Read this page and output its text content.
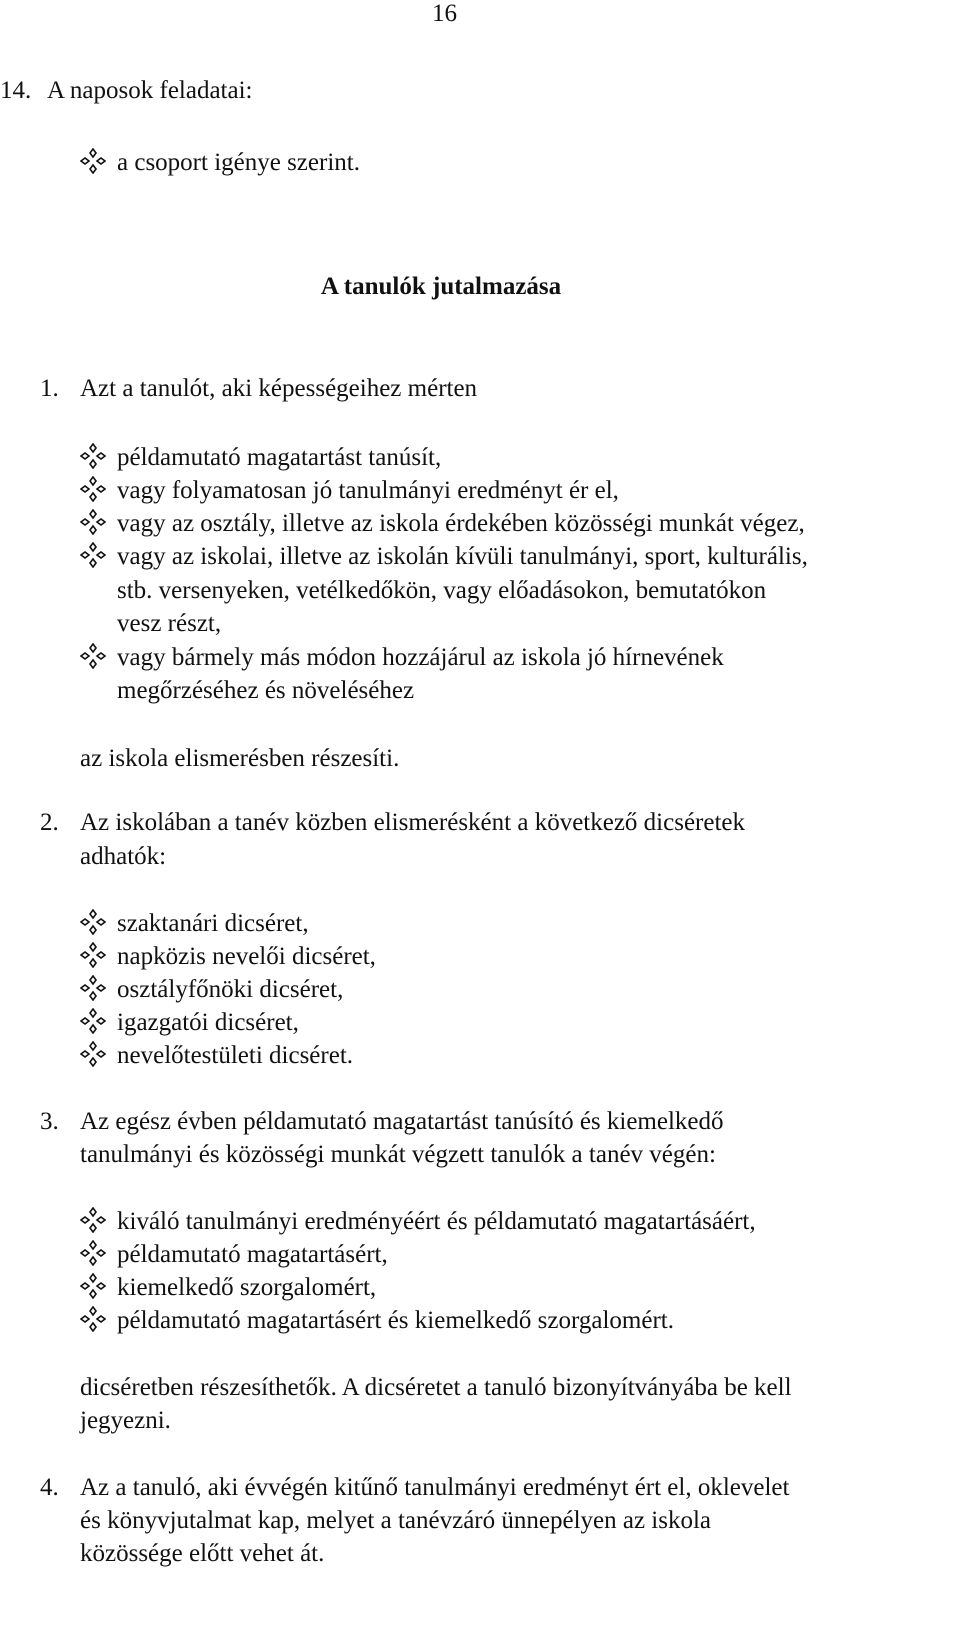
16
14. A naposok feladatai:
a csoport igénye szerint.
A tanulók jutalmazása
1. Azt a tanulót, aki képességeihez mérten
példamutató magatartást tanúsít,
vagy folyamatosan jó tanulmányi eredményt ér el,
vagy az osztály, illetve az iskola érdekében közösségi munkát végez,
vagy az iskolai, illetve az iskolán kívüli tanulmányi, sport, kulturális,
stb. versenyeken, vetélkedőkön, vagy előadásokon, bemutatókon
vesz részt,
vagy bármely más módon hozzájárul az iskola jó hírnevének
megőrzéséhez és növeléséhez
az iskola elismerésben részesíti.
2. Az iskolában a tanév közben elismerésként a következő dicséretek
adhatók:
szaktanári dicséret,
napközis nevelői dicséret,
osztályfőnöki dicséret,
igazgatói dicséret,
nevelőtestületi dicséret.
3. Az egész évben példamutató magatartást tanúsító és kiemelkedő
tanulmányi és közösségi munkát végzett tanulók a tanév végén:
kiváló tanulmányi eredményéért és példamutató magatartásáért,
példamutató magatartásért,
kiemelkedő szorgalomért,
példamutató magatartásért és kiemelkedő szorgalomért.
dicséretben részesíthetők. A dicséretet a tanuló bizonyítványába be kell
jegyezni.
4. Az a tanuló, aki évvégén kitűnő tanulmányi eredményt ért el, oklevelet
és könyvjutalmat kap, melyet a tanévzáró ünnepélyen az iskola
közössége előtt vehet át.
